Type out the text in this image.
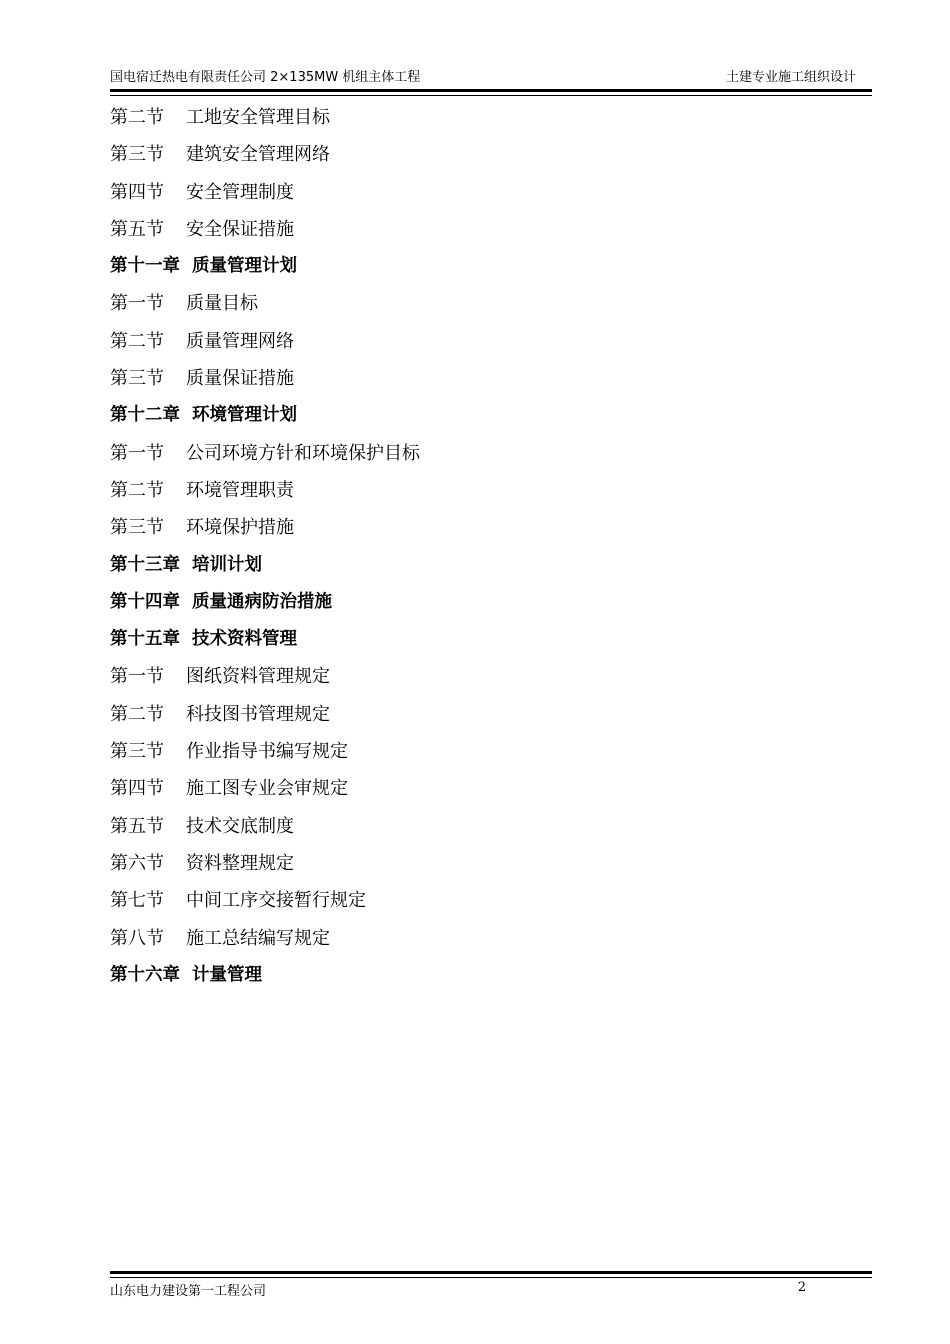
国电宿迁热电有限责任公司 2×135MW 机组主体工程	土建专业施工组织设计
第二节 工地安全管理目标
第三节 建筑安全管理网络
第四节 安全管理制度
第五节 安全保证措施
第十一章 质量管理计划
第一节 质量目标
第二节 质量管理网络
第三节 质量保证措施
第十二章 环境管理计划
第一节 公司环境方针和环境保护目标
第二节 环境管理职责
第三节 环境保护措施
第十三章 培训计划
第十四章 质量通病防治措施
第十五章 技术资料管理
第一节 图纸资料管理规定
第二节 科技图书管理规定
第三节 作业指导书编写规定
第四节 施工图专业会审规定
第五节 技术交底制度
第六节 资料整理规定
第七节 中间工序交接暂行规定
第八节 施工总结编写规定
第十六章 计量管理
山东电力建设第一工程公司	2
